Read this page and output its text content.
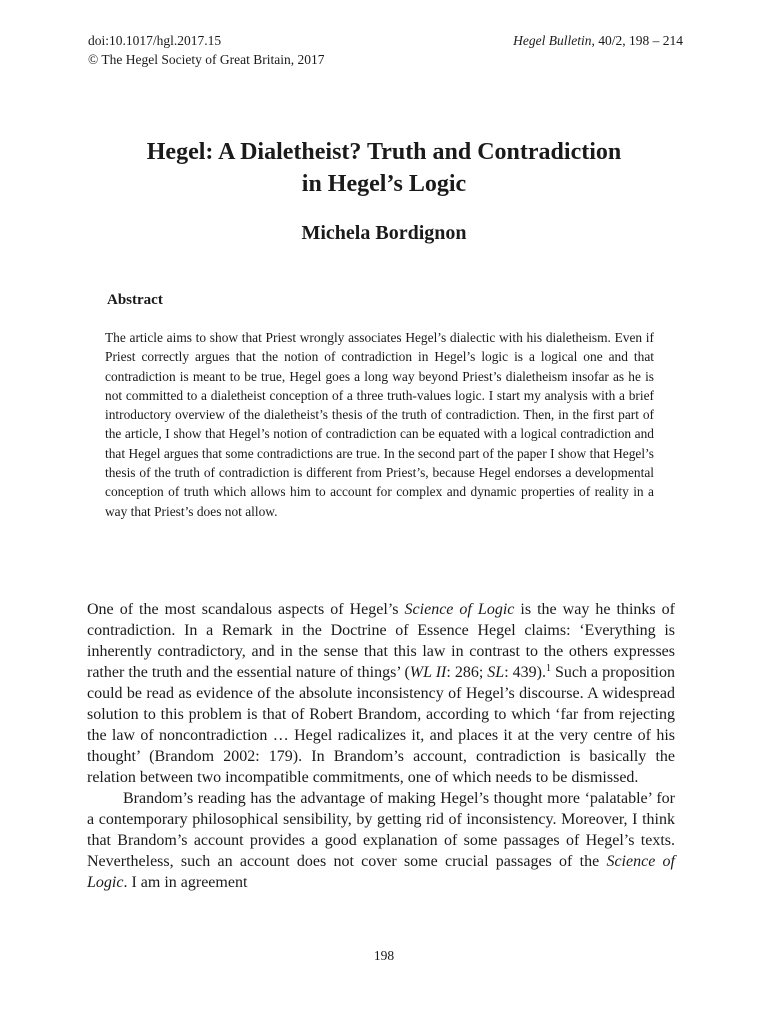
doi:10.1017/hgl.2017.15
© The Hegel Society of Great Britain, 2017
Hegel Bulletin, 40/2, 198 – 214
Hegel: A Dialetheist? Truth and Contradiction
in Hegel’s Logic
Michela Bordignon
Abstract
The article aims to show that Priest wrongly associates Hegel’s dialectic with his dialetheism. Even if Priest correctly argues that the notion of contradiction in Hegel’s logic is a logical one and that contradiction is meant to be true, Hegel goes a long way beyond Priest’s dialetheism insofar as he is not committed to a dialetheist conception of a three truth-values logic. I start my analysis with a brief introductory overview of the dialetheist’s thesis of the truth of contradiction. Then, in the first part of the article, I show that Hegel’s notion of contradiction can be equated with a logical contradiction and that Hegel argues that some contradictions are true. In the second part of the paper I show that Hegel’s thesis of the truth of contradiction is different from Priest’s, because Hegel endorses a developmental conception of truth which allows him to account for complex and dynamic properties of reality in a way that Priest’s does not allow.

One of the most scandalous aspects of Hegel’s Science of Logic is the way he thinks of contradiction. In a Remark in the Doctrine of Essence Hegel claims: ‘Everything is inherently contradictory, and in the sense that this law in contrast to the others expresses rather the truth and the essential nature of things’ (WL II: 286; SL: 439).$^1$ Such a proposition could be read as evidence of the absolute inconsistency of Hegel’s discourse. A widespread solution to this problem is that of Robert Brandom, according to which ‘far from rejecting the law of noncontradiction … Hegel radicalizes it, and places it at the very centre of his thought’ (Brandom 2002: 179). In Brandom’s account, contradiction is basically the relation between two incompatible commitments, one of which needs to be dismissed.

Brandom’s reading has the advantage of making Hegel’s thought more ‘palatable’ for a contemporary philosophical sensibility, by getting rid of inconsistency. Moreover, I think that Brandom’s account provides a good explanation of some passages of Hegel’s texts. Nevertheless, such an account does not cover some crucial passages of the Science of Logic. I am in agreement

198
